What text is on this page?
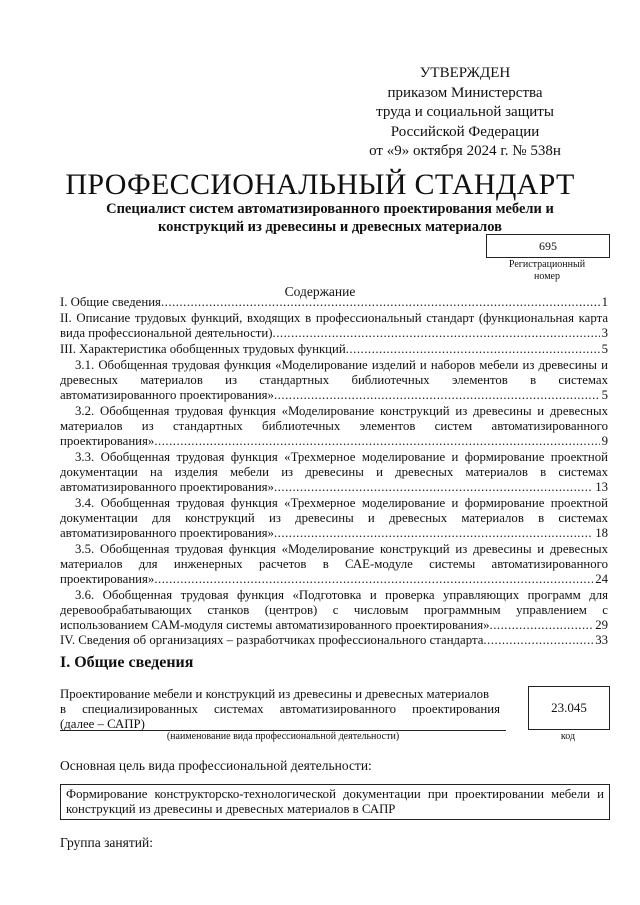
УТВЕРЖДЕН
приказом Министерства
труда и социальной защиты
Российской Федерации
от «9» октября 2024 г. № 538н
ПРОФЕССИОНАЛЬНЫЙ СТАНДАРТ
Специалист систем автоматизированного проектирования мебели и
конструкций из древесины и древесных материалов
695
Регистрационный
номер
Содержание
I. Общие сведения .....	1
II. Описание трудовых функций, входящих в профессиональный стандарт (функциональная карта
вида профессиональной деятельности) .....	3
III. Характеристика обобщенных трудовых функций .....	5
3.1. Обобщенная трудовая функция «Моделирование изделий и наборов мебели из древесины и
древесных материалов из стандартных библиотечных элементов в системах
автоматизированного проектирования» .....	5
3.2. Обобщенная трудовая функция «Моделирование конструкций из древесины и древесных
материалов из стандартных библиотечных элементов систем автоматизированного
проектирования» .....	9
3.3. Обобщенная трудовая функция «Трехмерное моделирование и формирование проектной
документации на изделия мебели из древесины и древесных материалов в системах
автоматизированного проектирования» .....	13
3.4. Обобщенная трудовая функция «Трехмерное моделирование и формирование проектной
документации для конструкций из древесины и древесных материалов в системах
автоматизированного проектирования» .....	18
3.5. Обобщенная трудовая функция «Моделирование конструкций из древесины и древесных
материалов для инженерных расчетов в САЕ-модуле системы автоматизированного
проектирования» .....	24
3.6. Обобщенная трудовая функция «Подготовка и проверка управляющих программ для
деревообрабатывающих станков (центров) с числовым программным управлением с
использованием САМ-модуля системы автоматизированного проектирования» .....	29
IV. Сведения об организациях – разработчиках профессионального стандарта .....	33
I. Общие сведения
Проектирование мебели и конструкций из древесины и древесных материалов
в специализированных системах автоматизированного проектирования
(далее – САПР)
23.045
(наименование вида профессиональной деятельности)	код
Основная цель вида профессиональной деятельности:
Формирование конструкторско-технологической документации при проектировании мебели и
конструкций из древесины и древесных материалов в САПР
Группа занятий:
